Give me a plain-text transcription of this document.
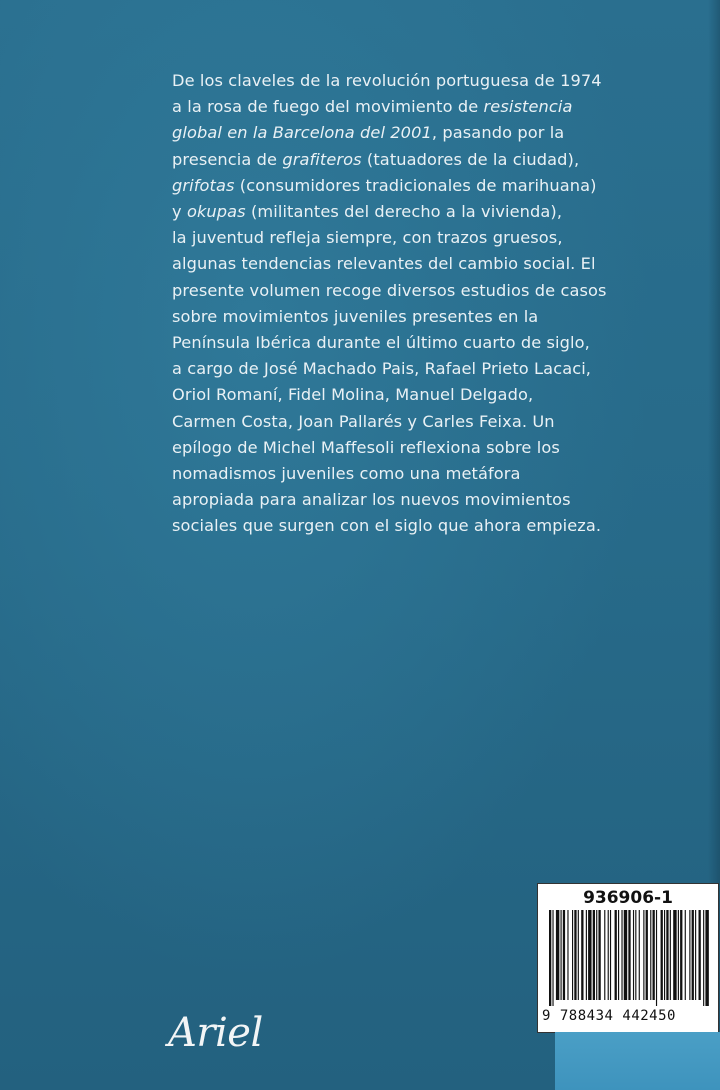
De los claveles de la revolución portuguesa de 1974
a la rosa de fuego del movimiento de resistencia
global en la Barcelona del 2001, pasando por la
presencia de grafiteros (tatuadores de la ciudad),
grifotas (consumidores tradicionales de marihuana)
y okupas (militantes del derecho a la vivienda),
la juventud refleja siempre, con trazos gruesos,
algunas tendencias relevantes del cambio social. El
presente volumen recoge diversos estudios de casos
sobre movimientos juveniles presentes en la
Península Ibérica durante el último cuarto de siglo,
a cargo de José Machado Pais, Rafael Prieto Lacaci,
Oriol Romaní, Fidel Molina, Manuel Delgado,
Carmen Costa, Joan Pallarés y Carles Feixa. Un
epílogo de Michel Maffesoli reflexiona sobre los
nomadismos juveniles como una metáfora
apropiada para analizar los nuevos movimientos
sociales que surgen con el siglo que ahora empieza.
Ariel
936906-1
9 788434 442450
